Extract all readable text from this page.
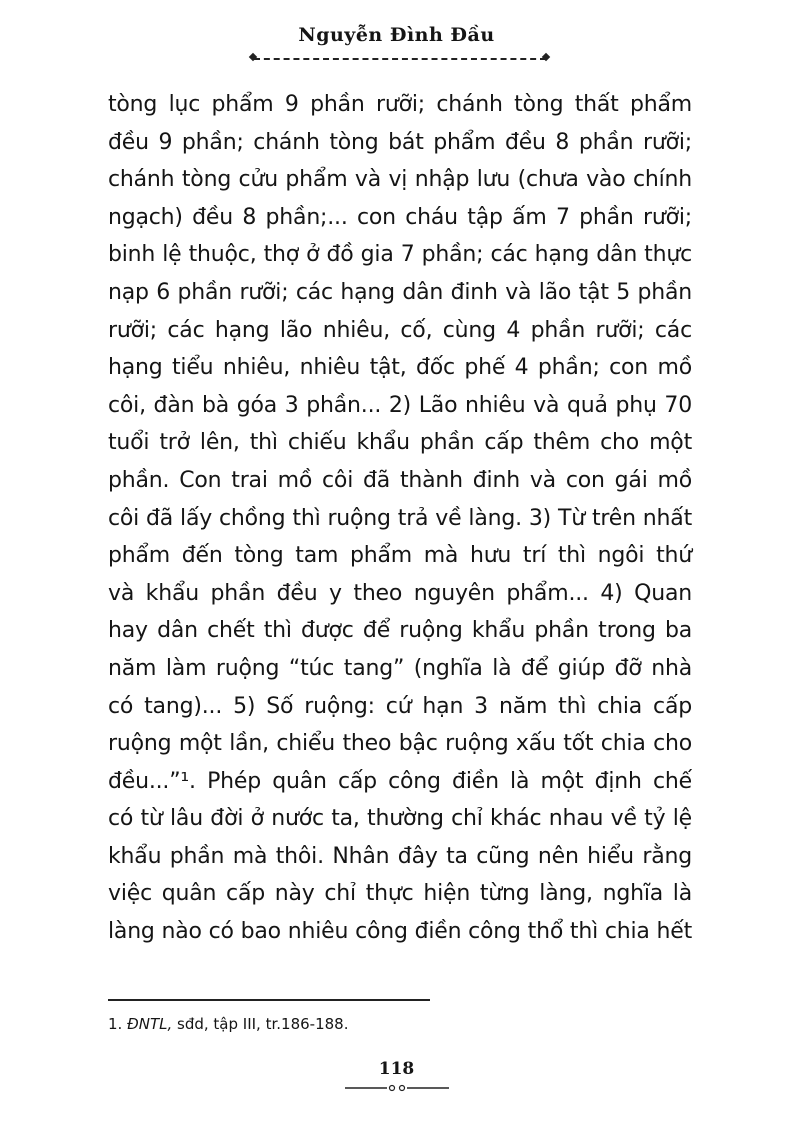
Nguyễn Đình Đầu
tòng lục phẩm 9 phần rưỡi; chánh tòng thất phẩm
đều 9 phần; chánh tòng bát phẩm đều 8 phần rưỡi;
chánh tòng cửu phẩm và vị nhập lưu (chưa vào chính
ngạch) đều 8 phần;... con cháu tập ấm 7 phần rưỡi;
binh lệ thuộc, thợ ở đồ gia 7 phần; các hạng dân thực
nạp 6 phần rưỡi; các hạng dân đinh và lão tật 5 phần
rưỡi; các hạng lão nhiêu, cố, cùng 4 phần rưỡi; các
hạng tiểu nhiêu, nhiêu tật, đốc phế 4 phần; con mồ
côi, đàn bà góa 3 phần... 2) Lão nhiêu và quả phụ 70
tuổi trở lên, thì chiếu khẩu phần cấp thêm cho một
phần. Con trai mồ côi đã thành đinh và con gái mồ
côi đã lấy chồng thì ruộng trả về làng. 3) Từ trên nhất
phẩm đến tòng tam phẩm mà hưu trí thì ngôi thứ
và khẩu phần đều y theo nguyên phẩm... 4) Quan
hay dân chết thì được để ruộng khẩu phần trong ba
năm làm ruộng “túc tang” (nghĩa là để giúp đỡ nhà
có tang)... 5) Số ruộng: cứ hạn 3 năm thì chia cấp
ruộng một lần, chiểu theo bậc ruộng xấu tốt chia cho
đều...”¹. Phép quân cấp công điền là một định chế
có từ lâu đời ở nước ta, thường chỉ khác nhau về tỷ lệ
khẩu phần mà thôi. Nhân đây ta cũng nên hiểu rằng
việc quân cấp này chỉ thực hiện từng làng, nghĩa là
làng nào có bao nhiêu công điền công thổ thì chia hết
1. ĐNTL, sđd, tập III, tr.186-188.
118
